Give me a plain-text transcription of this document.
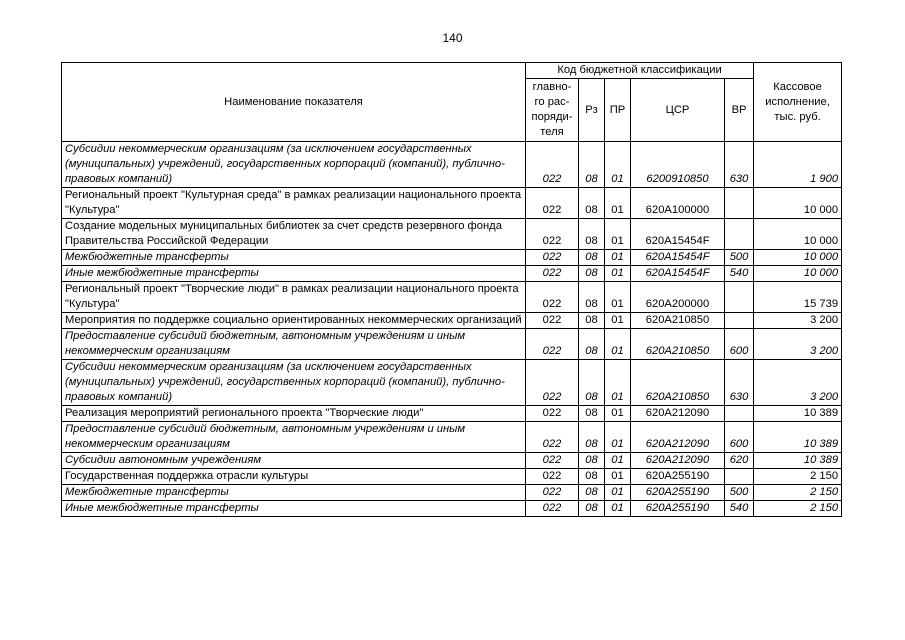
140
Наименование показателя	Код бюджетной классификации					Кассовое исполнение, тыс. руб.
	главно-го рас-поряди-теля	Рз	ПР	ЦСР	ВР	
Субсидии некоммерческим организациям (за исключением государственных (муниципальных) учреждений, государственных корпораций (компаний), публично-правовых компаний)	022	08	01	6200910850	630	1 900
Региональный проект "Культурная среда" в рамках реализации национального проекта "Культура"	022	08	01	620A100000		10 000
Создание модельных муниципальных библиотек за счет средств резервного фонда Правительства Российской Федерации	022	08	01	620A15454F		10 000
Межбюджетные трансферты	022	08	01	620A15454F	500	10 000
Иные межбюджетные трансферты	022	08	01	620A15454F	540	10 000
Региональный проект "Творческие люди" в рамках реализации национального проекта "Культура"	022	08	01	620A200000		15 739
Мероприятия по поддержке социально ориентированных некоммерческих организаций	022	08	01	620A210850		3 200
Предоставление субсидий бюджетным, автономным учреждениям и иным некоммерческим организациям	022	08	01	620A210850	600	3 200
Субсидии некоммерческим организациям (за исключением государственных (муниципальных) учреждений, государственных корпораций (компаний), публично-правовых компаний)	022	08	01	620A210850	630	3 200
Реализация мероприятий регионального проекта "Творческие люди"	022	08	01	620A212090		10 389
Предоставление субсидий бюджетным, автономным учреждениям и иным некоммерческим организациям	022	08	01	620A212090	600	10 389
Субсидии автономным учреждениям	022	08	01	620A212090	620	10 389
Государственная поддержка отрасли культуры	022	08	01	620A255190		2 150
Межбюджетные трансферты	022	08	01	620A255190	500	2 150
Иные межбюджетные трансферты	022	08	01	620A255190	540	2 150
